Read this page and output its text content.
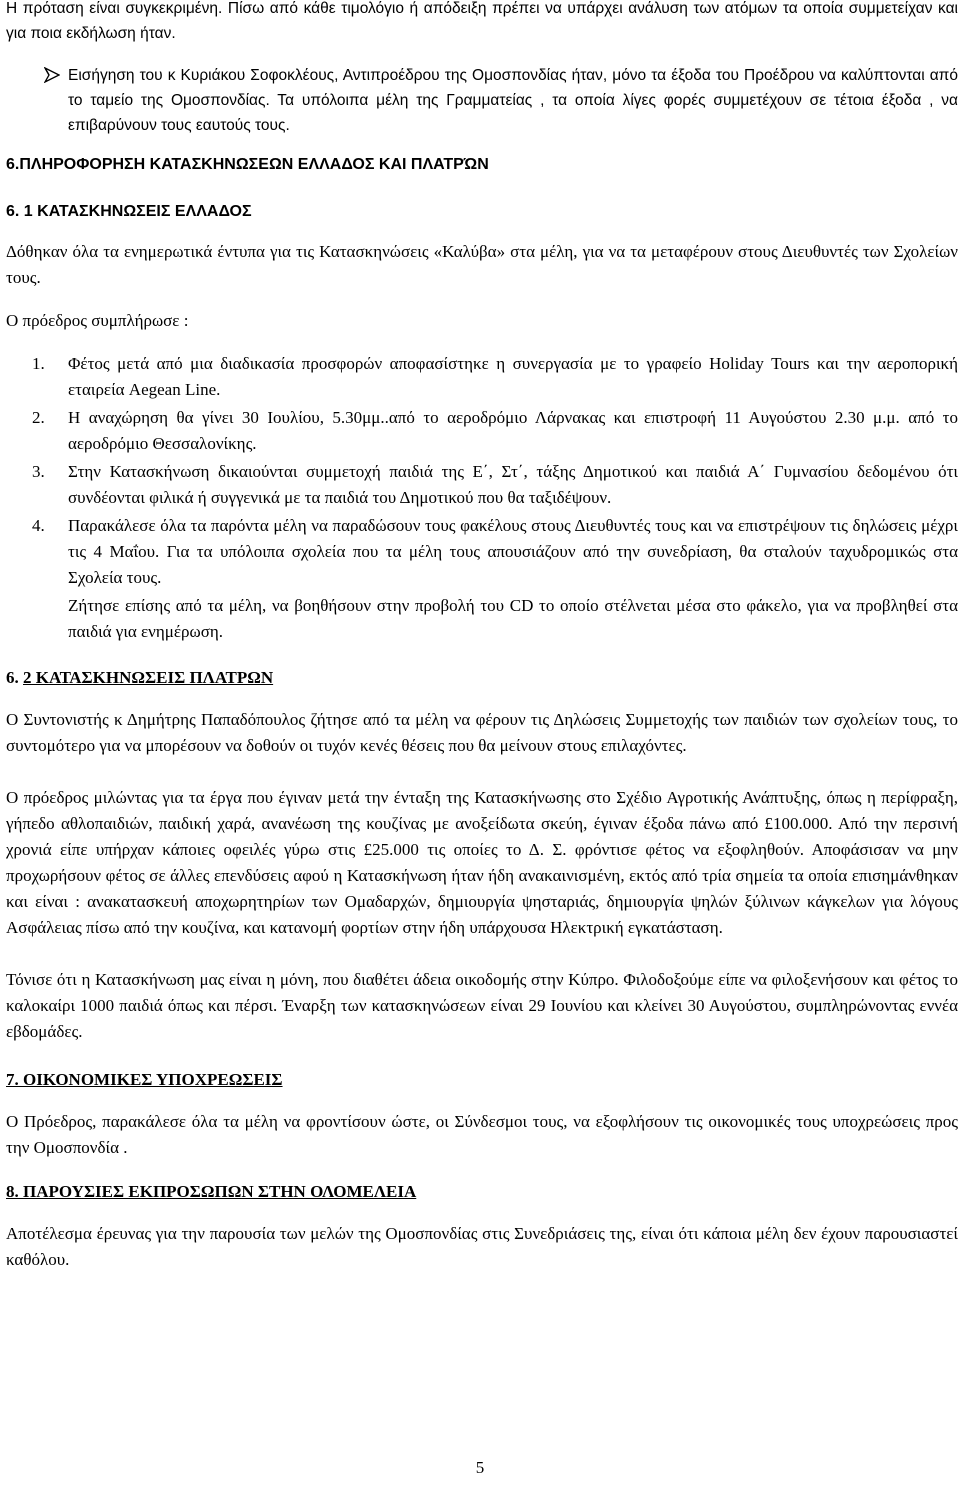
Η πρόταση είναι συγκεκριμένη. Πίσω από κάθε τιμολόγιο ή απόδειξη πρέπει να υπάρχει ανάλυση των ατόμων τα οποία συμμετείχαν και για ποια εκδήλωση ήταν.

Εισήγηση του κ Κυριάκου Σοφοκλέους, Αντιπροέδρου της Ομοσπονδίας ήταν, μόνο τα έξοδα του Προέδρου να καλύπτονται από το ταμείο της Ομοσπονδίας. Τα υπόλοιπα μέλη της Γραμματείας , τα οποία λίγες φορές συμμετέχουν σε τέτοια έξοδα , να επιβαρύνουν τους εαυτούς τους.

6.ΠΛΗΡΟΦΟΡΗΣΗ ΚΑΤΑΣΚΗΝΩΣΕΩΝ ΕΛΛΑΔΟΣ ΚΑΙ ΠΛΑΤΡΏΝ
6. 1 ΚΑΤΑΣΚΗΝΩΣΕΙΣ ΕΛΛΑΔΟΣ

Δόθηκαν όλα τα ενημερωτικά έντυπα για τις Κατασκηνώσεις «Καλύβα» στα μέλη, για να τα μεταφέρουν στους Διευθυντές των Σχολείων τους.

Ο πρόεδρος συμπλήρωσε :

1. Φέτος μετά από μια διαδικασία προσφορών αποφασίστηκε η συνεργασία με το γραφείο Holiday Tours και την αεροπορική εταιρεία Aegean Line.
2. Η αναχώρηση θα γίνει 30 Ιουλίου, 5.30μμ..από το αεροδρόμιο Λάρνακας και επιστροφή 11 Αυγούστου 2.30 μ.μ. από το αεροδρόμιο Θεσσαλονίκης.
3. Στην Κατασκήνωση δικαιούνται συμμετοχή παιδιά της Ε΄, Στ΄, τάξης Δημοτικού και παιδιά Α΄ Γυμνασίου δεδομένου ότι συνδέονται φιλικά ή συγγενικά με τα παιδιά του Δημοτικού που θα ταξιδέψουν.
4. Παρακάλεσε όλα τα παρόντα μέλη να παραδώσουν τους φακέλους στους Διευθυντές τους και να επιστρέψουν τις δηλώσεις μέχρι τις 4 Μαΐου. Για τα υπόλοιπα σχολεία που τα μέλη τους απουσιάζουν από την συνεδρίαση, θα σταλούν ταχυδρομικώς στα Σχολεία τους.

Ζήτησε επίσης από τα μέλη, να βοηθήσουν στην προβολή του CD το οποίο στέλνεται μέσα στο φάκελο, για να προβληθεί στα παιδιά για ενημέρωση.

6. 2 ΚΑΤΑΣΚΗΝΩΣΕΙΣ ΠΛΑΤΡΩΝ

Ο Συντονιστής κ Δημήτρης Παπαδόπουλος ζήτησε από τα μέλη να φέρουν τις Δηλώσεις Συμμετοχής των παιδιών των σχολείων τους, το συντομότερο για να μπορέσουν να δοθούν οι τυχόν κενές θέσεις που θα μείνουν στους επιλαχόντες.

Ο πρόεδρος μιλώντας για τα έργα που έγιναν μετά την ένταξη της Κατασκήνωσης στο Σχέδιο Αγροτικής Ανάπτυξης, όπως η περίφραξη, γήπεδο αθλοπαιδιών, παιδική χαρά, ανανέωση της κουζίνας με ανοξείδωτα σκεύη, έγιναν έξοδα πάνω από £100.000. Από την περσινή χρονιά είπε υπήρχαν κάποιες οφειλές γύρω στις £25.000 τις οποίες το Δ. Σ. φρόντισε φέτος να εξοφληθούν. Αποφάσισαν να μην προχωρήσουν φέτος σε άλλες επενδύσεις αφού η Κατασκήνωση ήταν ήδη ανακαινισμένη, εκτός από τρία σημεία τα οποία επισημάνθηκαν και είναι : ανακατασκευή αποχωρητηρίων των Ομαδαρχών, δημιουργία ψησταριάς, δημιουργία ψηλών ξύλινων κάγκελων για λόγους Ασφάλειας πίσω από την κουζίνα, και κατανομή φορτίων στην ήδη υπάρχουσα Ηλεκτρική εγκατάσταση.

Τόνισε ότι η Κατασκήνωση μας είναι η μόνη, που διαθέτει άδεια οικοδομής στην Κύπρο. Φιλοδοξούμε είπε να φιλοξενήσουν και φέτος το καλοκαίρι 1000 παιδιά όπως και πέρσι. Έναρξη των κατασκηνώσεων είναι 29 Ιουνίου και κλείνει 30 Αυγούστου, συμπληρώνοντας εννέα εβδομάδες.

7. ΟΙΚΟΝΟΜΙΚΕΣ ΥΠΟΧΡΕΩΣΕΙΣ

Ο Πρόεδρος, παρακάλεσε όλα τα μέλη να φροντίσουν ώστε, οι Σύνδεσμοι τους, να εξοφλήσουν τις οικονομικές τους υποχρεώσεις προς την Ομοσπονδία .

8. ΠΑΡΟΥΣΙΕΣ ΕΚΠΡΟΣΩΠΩΝ ΣΤΗΝ ΟΛΟΜΕΛΕΙΑ

Αποτέλεσμα έρευνας για την παρουσία των μελών της Ομοσπονδίας στις Συνεδριάσεις της, είναι ότι κάποια μέλη δεν έχουν παρουσιαστεί καθόλου.

5
